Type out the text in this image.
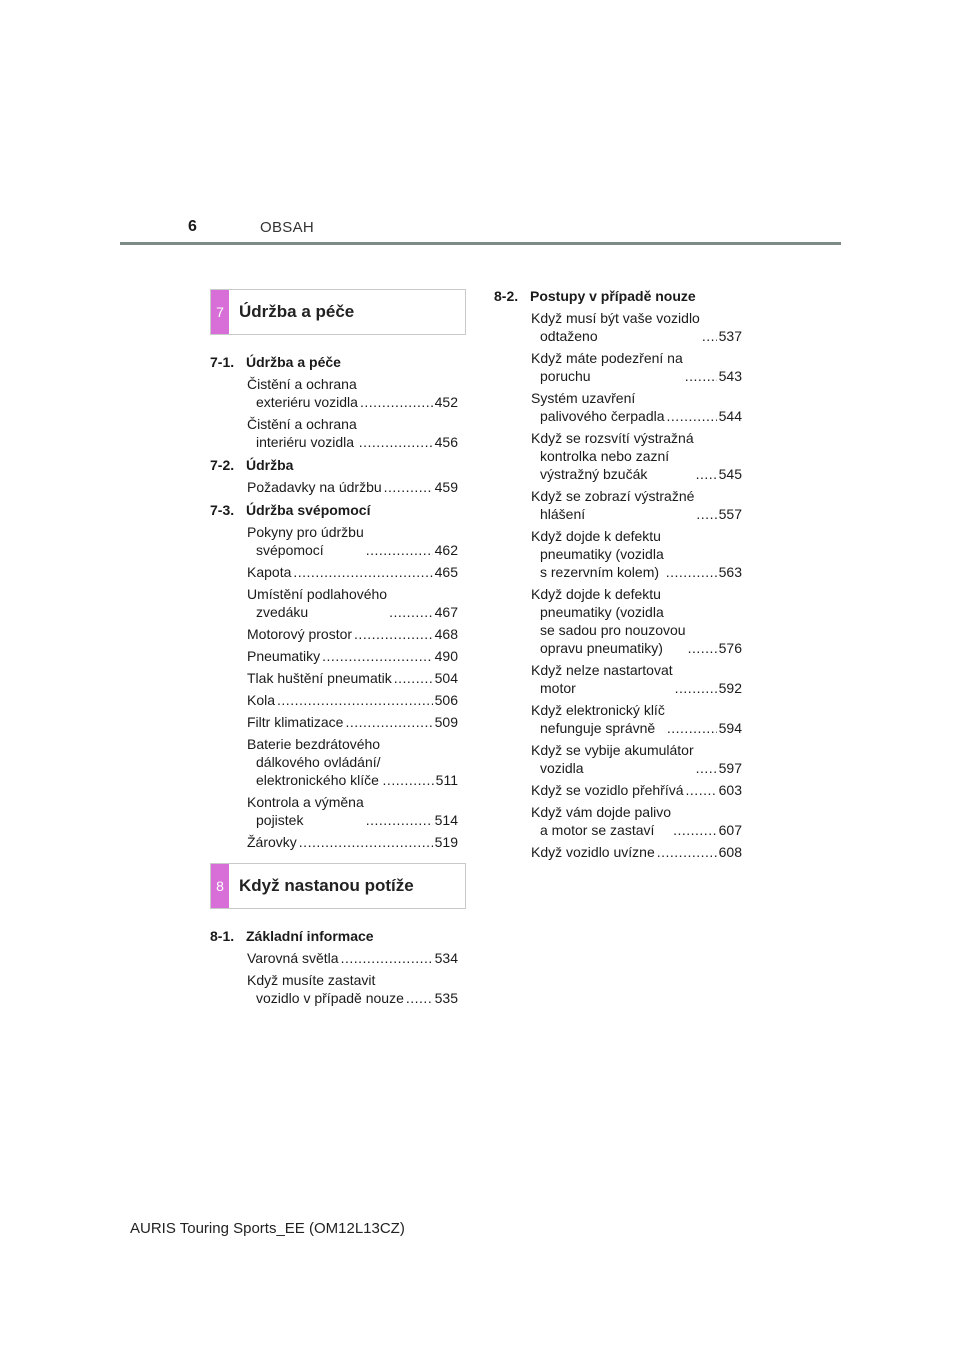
6	OBSAH
7 Údržba a péče
7-1. Údržba a péče
Čistění a ochrana
exteriéru vozidla .....	452
Čistění a ochrana
interiéru vozidla .....	456
7-2. Údržba
Požadavky na údržbu .....	459
7-3. Údržba svépomocí
Pokyny pro údržbu
svépomocí .....	462
Kapota .....	465
Umístění podlahového
zvedáku .....	467
Motorový prostor .....	468
Pneumatiky .....	490
Tlak huštění pneumatik .....	504
Kola .....	506
Filtr klimatizace .....	509
Baterie bezdrátového
dálkového ovládání/
elektronického klíče .....	511
Kontrola a výměna
pojistek .....	514
Žárovky .....	519
8 Když nastanou potíže
8-1. Základní informace
Varovná světla .....	534
Když musíte zastavit
vozidlo v případě nouze ..... 535
8-2. Postupy v případě nouze
Když musí být vaše vozidlo
odtaženo .....	537
Když máte podezření na
poruchu .....	543
Systém uzavření
palivového čerpadla .....	544
Když se rozsvítí výstražná
kontrolka nebo zazní
výstražný bzučák .....	545
Když se zobrazí výstražné
hlášení .....	557
Když dojde k defektu
pneumatiky (vozidla
s rezervním kolem) .....	563
Když dojde k defektu
pneumatiky (vozidla
se sadou pro nouzovou
opravu pneumatiky) .....	576
Když nelze nastartovat
motor .....	592
Když elektronický klíč
nefunguje správně .....	594
Když se vybije akumulátor
vozidla .....	597
Když se vozidlo přehřívá .....	603
Když vám dojde palivo
a motor se zastaví .....	607
Když vozidlo uvízne .....	608
AURIS Touring Sports_EE (OM12L13CZ)
